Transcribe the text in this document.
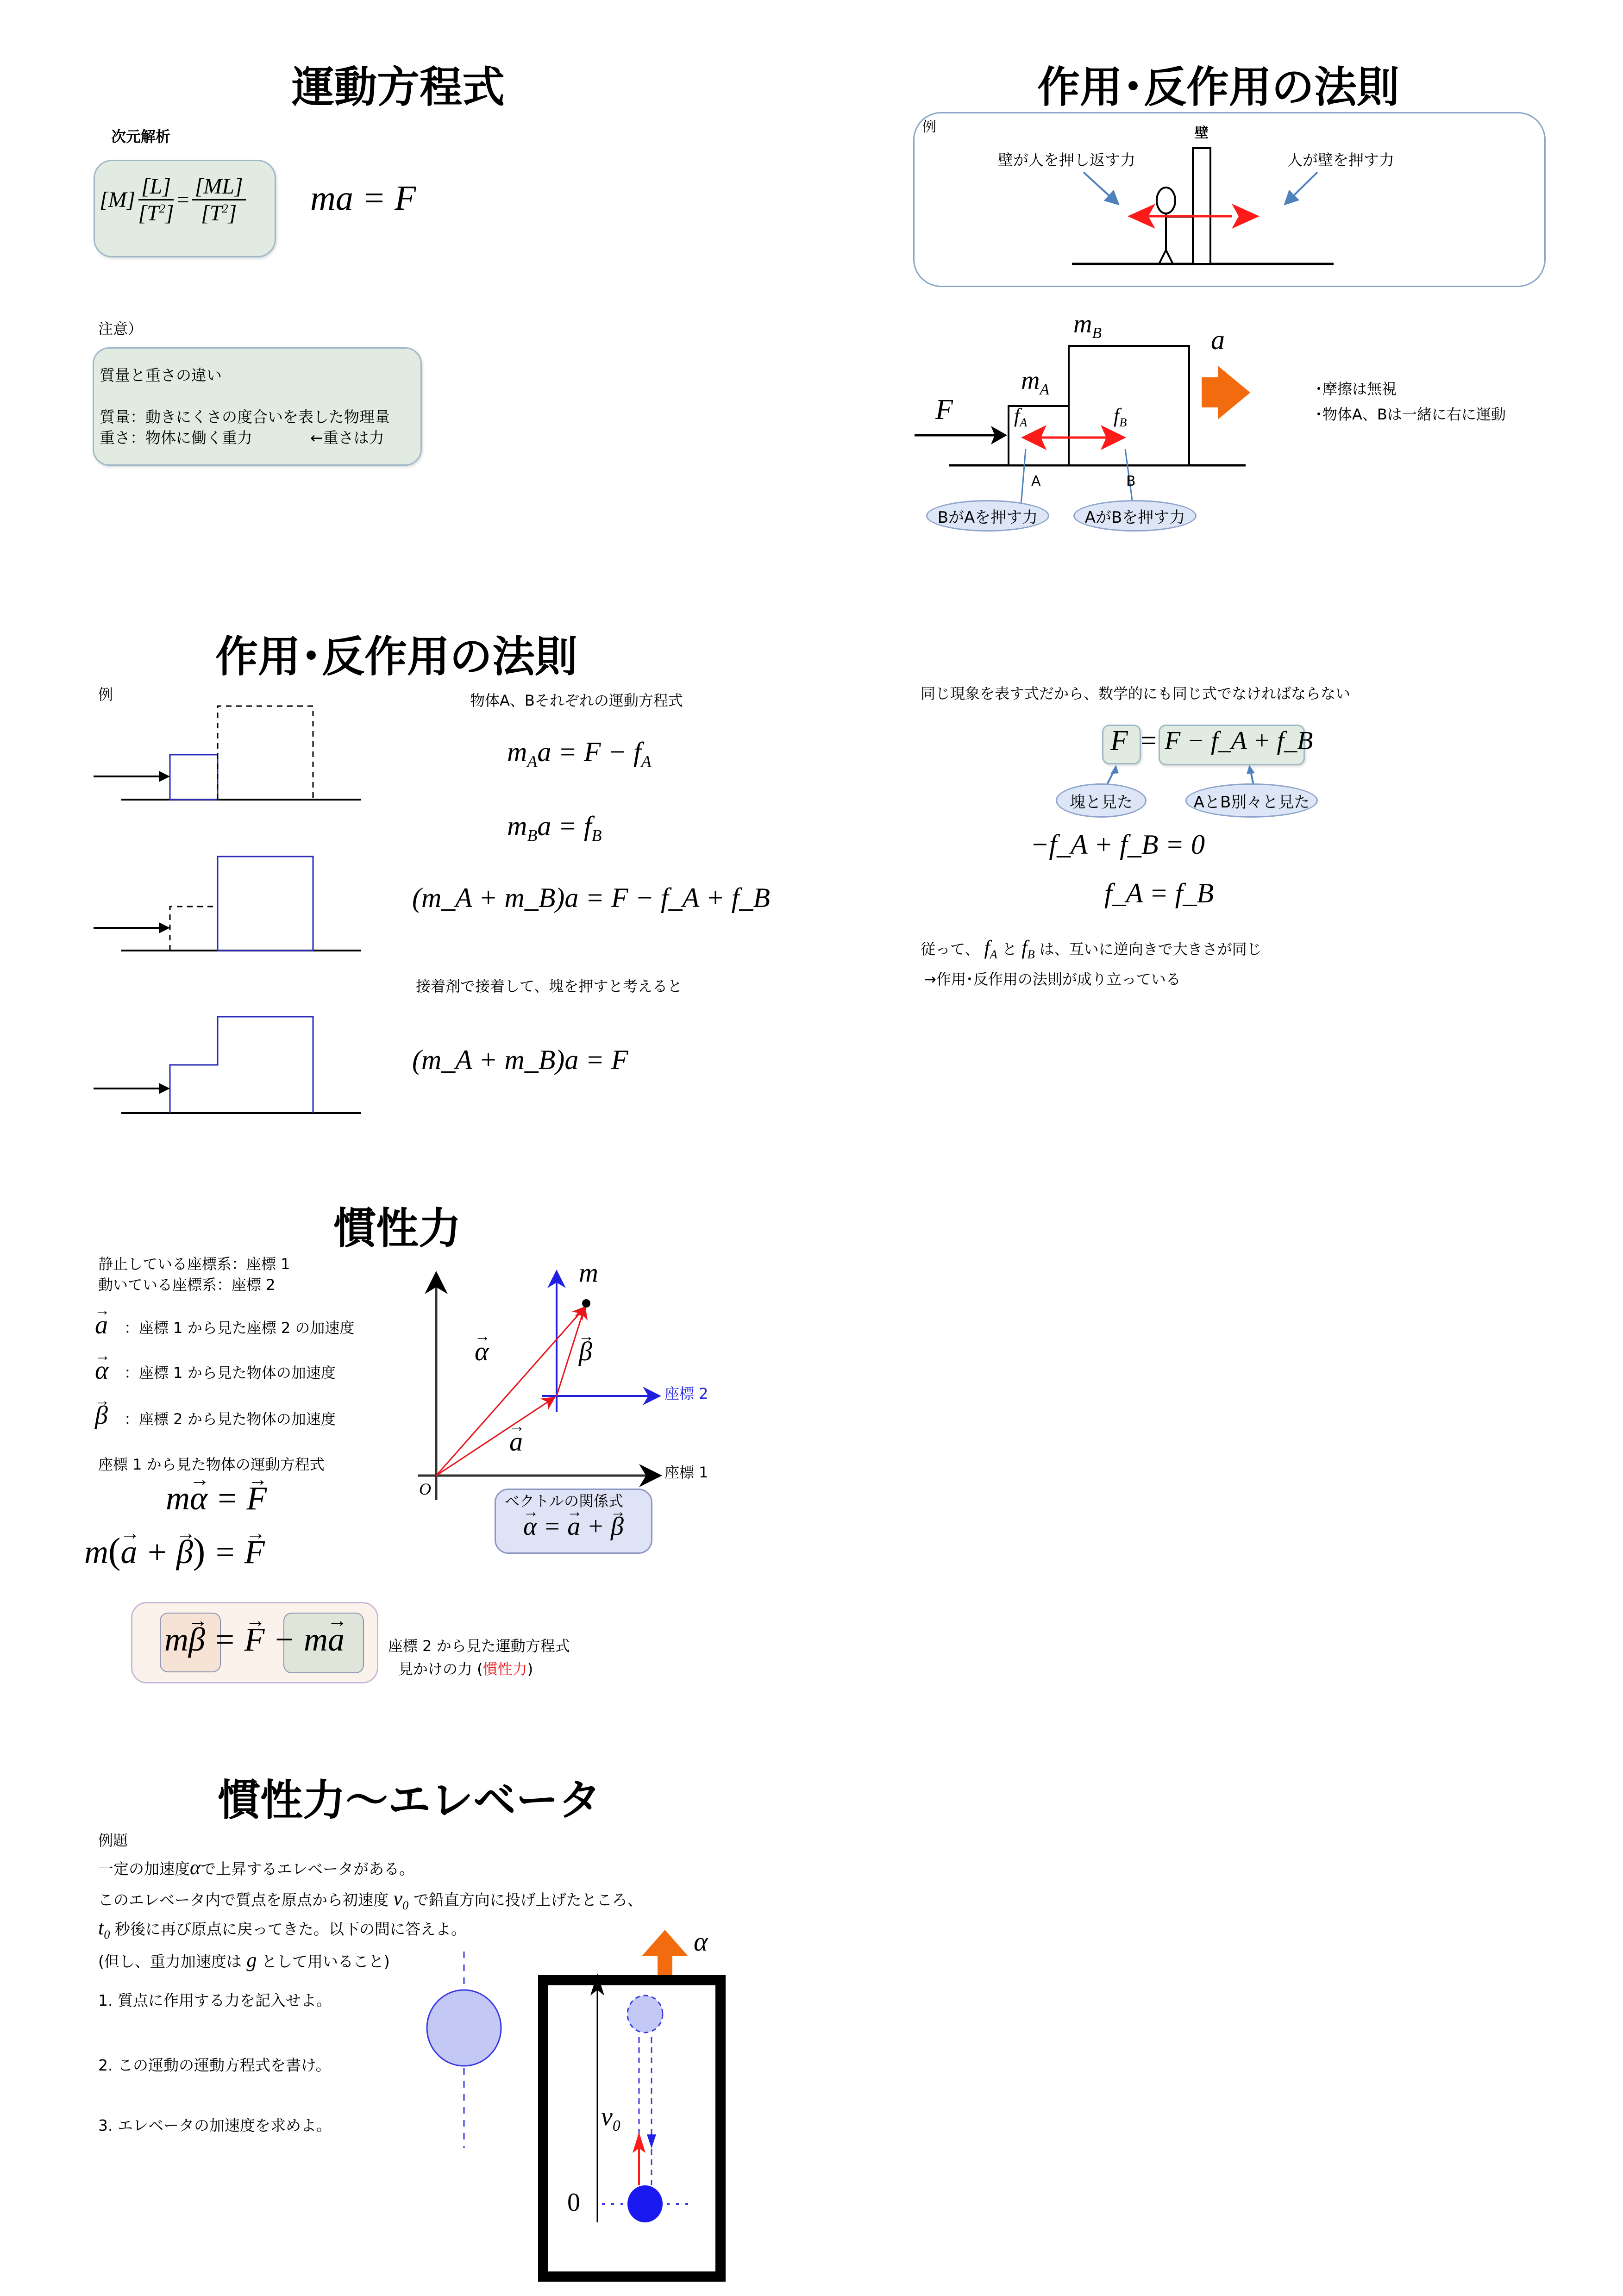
運動方程式
次元解析
$[M] \frac{[L]}{[T^2]} = \frac{[ML]}{[T^2]}$ ma = F
注意）
質量と重さの違い
質量：動きにくさの度合いを表した物理量
重さ：物体に働く重力	←重さは力
作用･反作用の法則
例	壁
壁が人を押し返す力	人が壁を押す力
$m_B$
$m_A$
a
F	$f_A$	$f_B$
A	B
BがAを押す力	AがBを押す力
･摩擦は無視
･物体A、Bは一緒に右に運動
作用･反作用の法則
例	物体A、Bそれぞれの運動方程式
$m_Aa = F - f_A$
$m_Ba = f_B$
(m_A + m_B)a = F − f_A + f_B
接着剤で接着して、塊を押すと考えると
(m_A + m_B)a = F
同じ現象を表す式だから、数学的にも同じ式でなければならない
F = F − f_A + f_B
塊と見た	AとB別々と見た
−f_A + f_B = 0
f_A = f_B
従って、 $f_A$ と $f_B$ は、互いに逆向きで大きさが同じ
→作用･反作用の法則が成り立っている
慣性力
静止している座標系：座標 1
動いている座標系：座標 2
→ a ：座標 1 から見た座標 2 の加速度
→ α ：座標 1 から見た物体の加速度
→ β ：座標 2 から見た物体の加速度
座標 1 から見た物体の運動方程式
m→ α = → F
m(→ a + → β) = → F
m→ β = → F − m→ a	座標 2 から見た運動方程式
見かけの力 (慣性力)
m
座標 2
座標 1
O
→ α	→ β
→ a
ベクトルの関係式
→ α = → a + → β
慣性力〜エレベータ
例題
一定の加速度αで上昇するエレベータがある。
このエレベータ内で質点を原点から初速度 $v_0$ で鉛直方向に投げ上げたところ、
$t_0$ 秒後に再び原点に戻ってきた。以下の問に答えよ。
(但し、重力加速度は g として用いること)
1. 質点に作用する力を記入せよ。
2. この運動の運動方程式を書け。
3. エレベータの加速度を求めよ。
α
$v_0$
0
